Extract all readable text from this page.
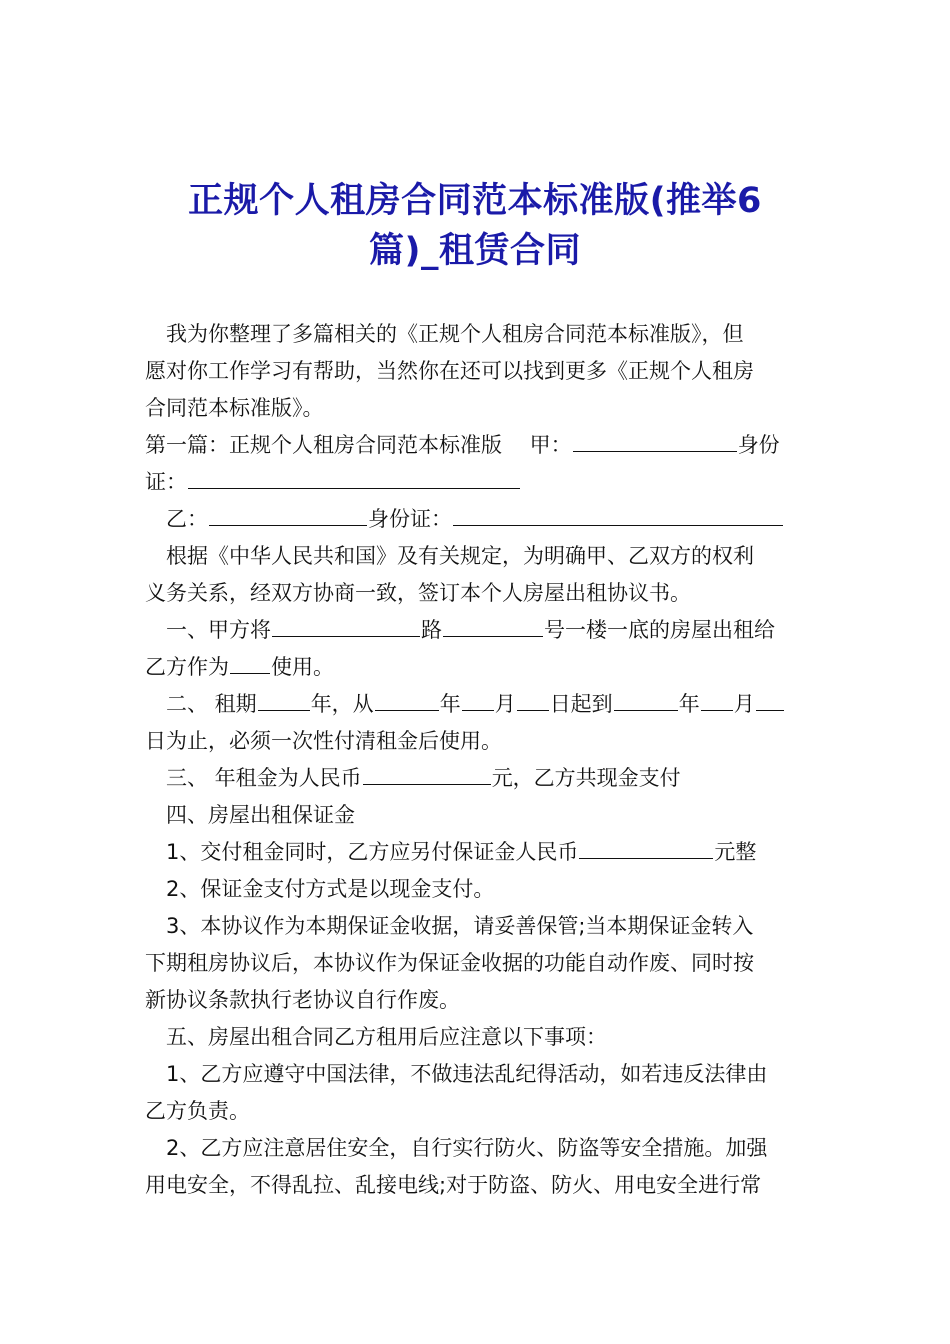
正规个人租房合同范本标准版(推举6
篇)_租赁合同

我为你整理了多篇相关的《正规个人租房合同范本标准版》，但
愿对你工作学习有帮助，当然你在还可以找到更多《正规个人租房
合同范本标准版》。

第一篇：正规个人租房合同范本标准版　 甲：	身份
证：

乙：	身份证：

根据《中华人民共和国》及有关规定，为明确甲、乙双方的权利
义务关系，经双方协商一致，签订本个人房屋出租协议书。

一、甲方将	路	号一楼一底的房屋出租给
乙方作为 使用。

二、 租期	年，从	年 月 日起到	年 月
日为止，必须一次性付清租金后使用。

三、 年租金为人民币	元，乙方共现金支付

四、房屋出租保证金

1、交付租金同时，乙方应另付保证金人民币	元整

2、保证金支付方式是以现金支付。

3、本协议作为本期保证金收据，请妥善保管;当本期保证金转入
下期租房协议后，本协议作为保证金收据的功能自动作废、同时按
新协议条款执行老协议自行作废。

五、房屋出租合同乙方租用后应注意以下事项：

1、乙方应遵守中国法律，不做违法乱纪得活动，如若违反法律由
乙方负责。

2、乙方应注意居住安全，自行实行防火、防盗等安全措施。加强
用电安全，不得乱拉、乱接电线;对于防盗、防火、用电安全进行常
